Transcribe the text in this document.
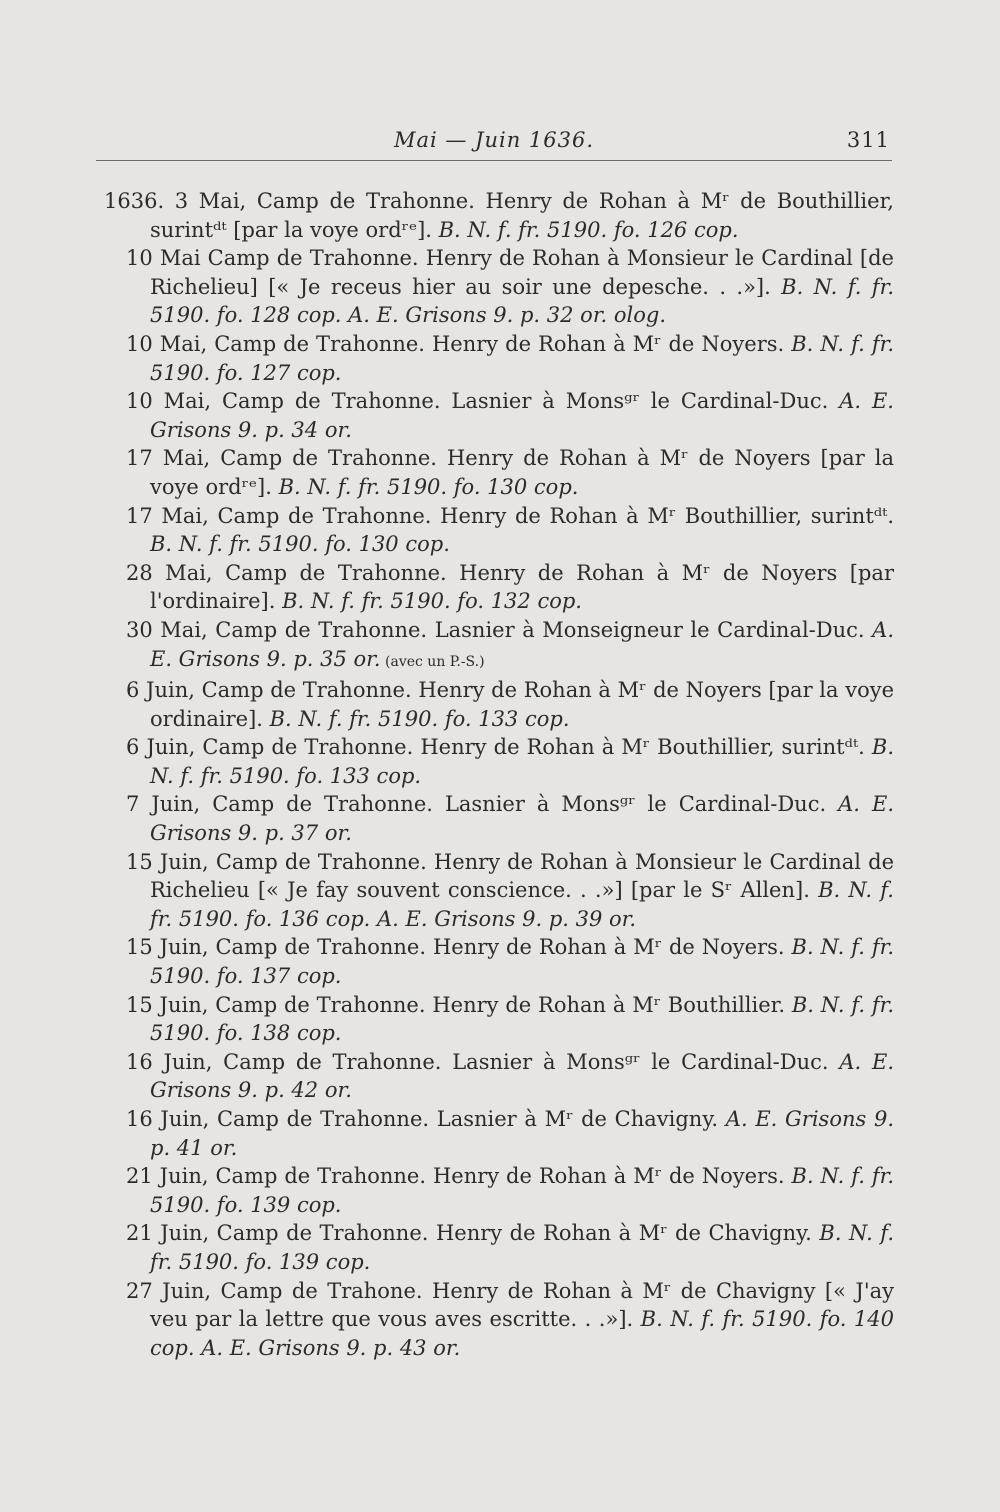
Mai — Juin 1636.	311

1636. 3 Mai, Camp de Trahonne. Henry de Rohan à Mʳ de Bouthillier, surintᵈᵗ [par la voye ordʳᵉ]. B. N. f. fr. 5190. fo. 126 cop.

10 Mai Camp de Trahonne. Henry de Rohan à Monsieur le Cardinal [de Richelieu] [« Je receus hier au soir une depesche. . .»]. B. N. f. fr. 5190. fo. 128 cop. A. E. Grisons 9. p. 32 or. olog.

10 Mai, Camp de Trahonne. Henry de Rohan à Mʳ de Noyers. B. N. f. fr. 5190. fo. 127 cop.

10 Mai, Camp de Trahonne. Lasnier à Monsᵍʳ le Cardinal-Duc. A. E. Grisons 9. p. 34 or.

17 Mai, Camp de Trahonne. Henry de Rohan à Mʳ de Noyers [par la voye ordʳᵉ]. B. N. f. fr. 5190. fo. 130 cop.

17 Mai, Camp de Trahonne. Henry de Rohan à Mʳ Bouthillier, surintᵈᵗ. B. N. f. fr. 5190. fo. 130 cop.

28 Mai, Camp de Trahonne. Henry de Rohan à Mʳ de Noyers [par l'ordinaire]. B. N. f. fr. 5190. fo. 132 cop.

30 Mai, Camp de Trahonne. Lasnier à Monseigneur le Cardinal-Duc. A. E. Grisons 9. p. 35 or. (avec un P.-S.)

6 Juin, Camp de Trahonne. Henry de Rohan à Mʳ de Noyers [par la voye ordinaire]. B. N. f. fr. 5190. fo. 133 cop.

6 Juin, Camp de Trahonne. Henry de Rohan à Mʳ Bouthillier, surintᵈᵗ. B. N. f. fr. 5190. fo. 133 cop.

7 Juin, Camp de Trahonne. Lasnier à Monsᵍʳ le Cardinal-Duc. A. E. Grisons 9. p. 37 or.

15 Juin, Camp de Trahonne. Henry de Rohan à Monsieur le Cardinal de Richelieu [« Je fay souvent conscience. . .»] [par le Sʳ Allen]. B. N. f. fr. 5190. fo. 136 cop. A. E. Grisons 9. p. 39 or.

15 Juin, Camp de Trahonne. Henry de Rohan à Mʳ de Noyers. B. N. f. fr. 5190. fo. 137 cop.

15 Juin, Camp de Trahonne. Henry de Rohan à Mʳ Bouthillier. B. N. f. fr. 5190. fo. 138 cop.

16 Juin, Camp de Trahonne. Lasnier à Monsᵍʳ le Cardinal-Duc. A. E. Grisons 9. p. 42 or.

16 Juin, Camp de Trahonne. Lasnier à Mʳ de Chavigny. A. E. Grisons 9. p. 41 or.

21 Juin, Camp de Trahonne. Henry de Rohan à Mʳ de Noyers. B. N. f. fr. 5190. fo. 139 cop.

21 Juin, Camp de Trahonne. Henry de Rohan à Mʳ de Chavigny. B. N. f. fr. 5190. fo. 139 cop.

27 Juin, Camp de Trahone. Henry de Rohan à Mʳ de Chavigny [« J'ay veu par la lettre que vous aves escritte. . .»]. B. N. f. fr. 5190. fo. 140 cop. A. E. Grisons 9. p. 43 or.
